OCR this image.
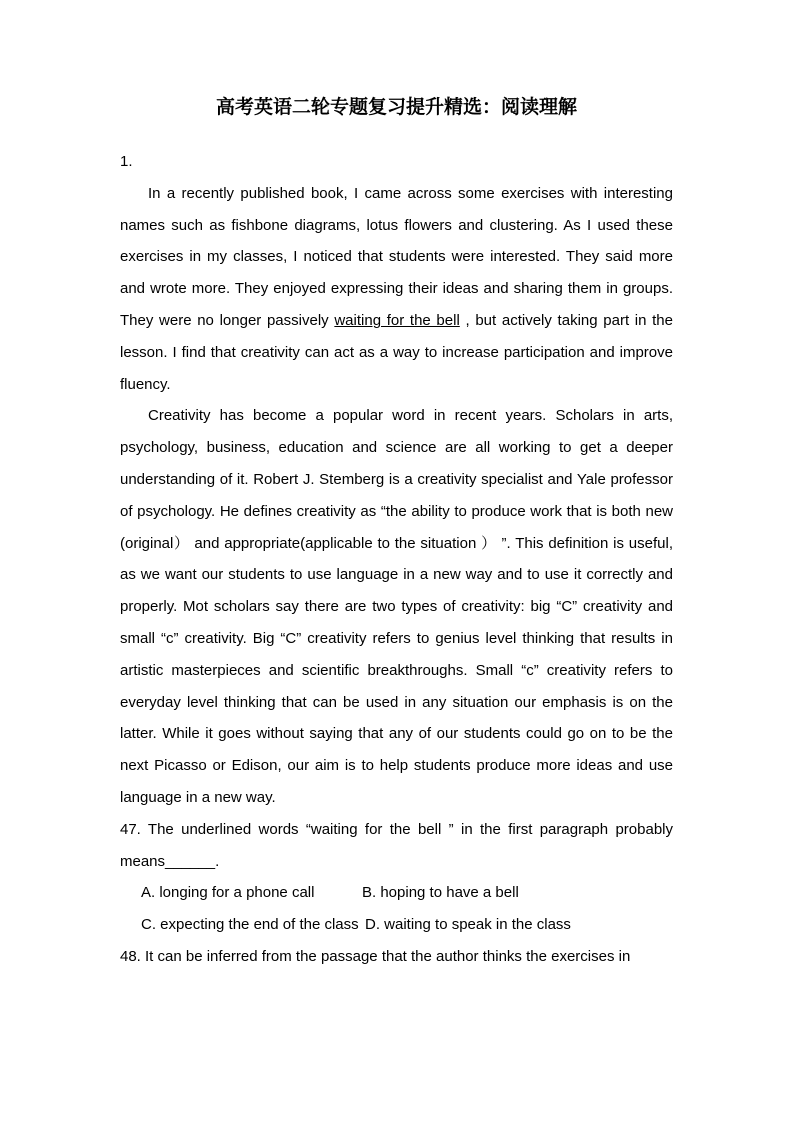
高考英语二轮专题复习提升精选：阅读理解
1.

In a recently published book, I came across some exercises with interesting names such as fishbone diagrams, lotus flowers and clustering. As I used these exercises in my classes, I noticed that students were interested. They said more and wrote more. They enjoyed expressing their ideas and sharing them in groups. They were no longer passively waiting for the bell , but actively taking part in the lesson. I find that creativity can act as a way to increase participation and improve fluency.

Creativity has become a popular word in recent years. Scholars in arts, psychology, business, education and science are all working to get a deeper understanding of it. Robert J. Stemberg is a creativity specialist and Yale professor of psychology. He defines creativity as “the ability to produce work that is both new (original） and appropriate(applicable to the situation ） ”. This definition is useful, as we want our students to use language in a new way and to use it correctly and properly. Mot scholars say there are two types of creativity: big “C” creativity and small “c” creativity. Big “C” creativity refers to genius level thinking that results in artistic masterpieces and scientific breakthroughs. Small “c” creativity refers to everyday level thinking that can be used in any situation our emphasis is on the latter. While it goes without saying that any of our students could go on to be the next Picasso or Edison, our aim is to help students produce more ideas and use language in a new way.

47. The underlined words “waiting for the bell ” in the first paragraph probably means______.

A. longing for a phone call	B. hoping to have a bell
C. expecting the end of the class D. waiting to speak in the class

48. It can be inferred from the passage that the author thinks the exercises in
